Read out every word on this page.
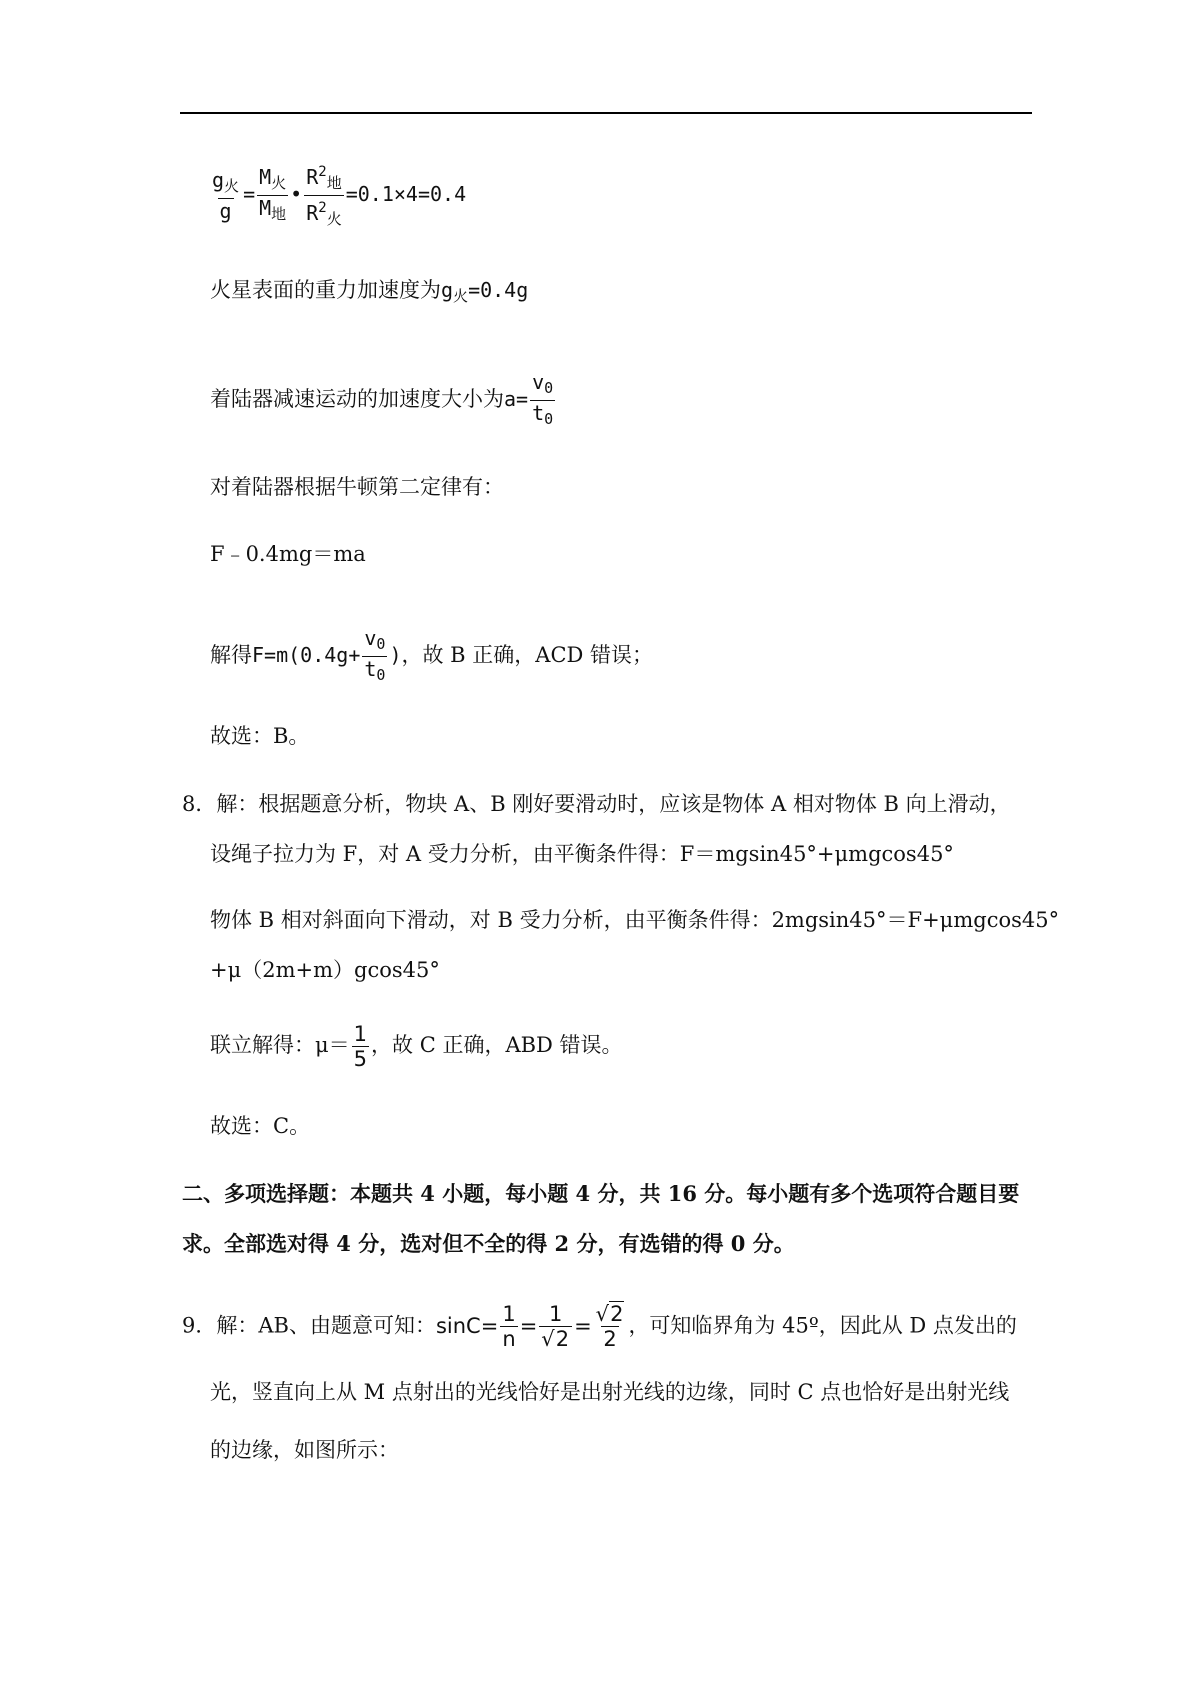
$\frac{g_火}{g} = \frac{M_火}{M_地}$ • $\frac{R^2_地}{R^2_火} =0.1\times 4=0.4$
火星表面的重力加速度为$g_火=0.4g$
着陆器减速运动的加速度大小为$a= \frac{v_0}{t_0}$
对着陆器根据牛顿第二定律有：
F﹣0.4mg＝ma
解得$F=m(0.4g+ \frac{v_0}{t_0}$ )，故 B 正确，ACD 错误；
故选：B。
8．解：根据题意分析，物块 A、B 刚好要滑动时，应该是物体 A 相对物体 B 向上滑动，
设绳子拉力为 F，对 A 受力分析，由平衡条件得：F＝mgsin45°+μmgcos45°
物体 B 相对斜面向下滑动，对 B 受力分析，由平衡条件得：2mgsin45°＝F+μmgcos45°
+μ（2m+m）gcos45°
联立解得：$\mu= \frac{1}{5}$ ，故 C 正确，ABD 错误。
故选：C。
二、多项选择题：本题共 4 小题，每小题 4 分，共 16 分。每小题有多个选项符合题目要
求。全部选对得 4 分，选对但不全的得 2 分，有选错的得 0 分。
9．解：AB、由题意可知：$\sin C= \frac{1}{n} = \frac{1}{√2} = \frac{√2}{2}$ ，可知临界角为 45º，因此从 D 点发出的
光，竖直向上从 M 点射出的光线恰好是出射光线的边缘，同时 C 点也恰好是出射光线
的边缘，如图所示：
